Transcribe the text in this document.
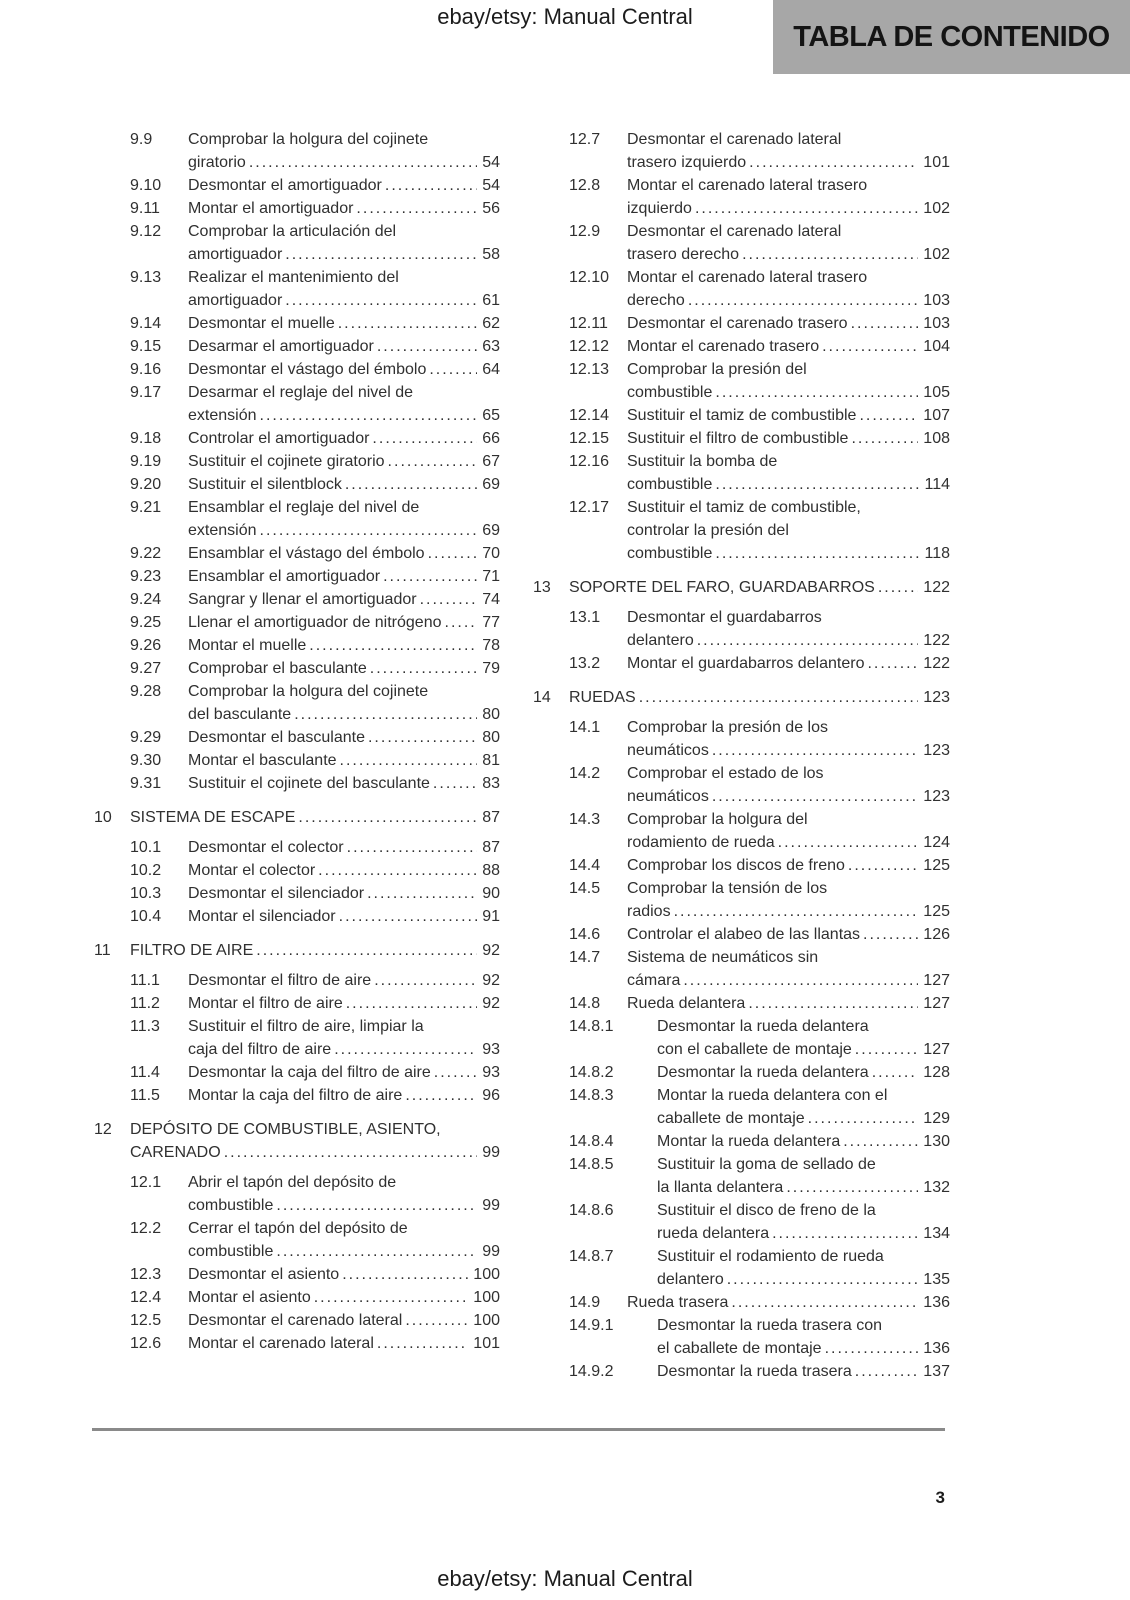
ebay/etsy: Manual Central
TABLA DE CONTENIDO
9.9 Comprobar la holgura del cojinete
giratorio .....	54
9.10 Desmontar el amortiguador .....	54
9.11 Montar el amortiguador .....	56
9.12 Comprobar la articulación del
amortiguador .....	58
9.13 Realizar el mantenimiento del
amortiguador .....	61
9.14 Desmontar el muelle .....	62
9.15 Desarmar el amortiguador .....	63
9.16 Desmontar el vástago del émbolo .....	64
9.17 Desarmar el reglaje del nivel de
extensión .....	65
9.18 Controlar el amortiguador .....	66
9.19 Sustituir el cojinete giratorio .....	67
9.20 Sustituir el silentblock .....	69
9.21 Ensamblar el reglaje del nivel de
extensión .....	69
9.22 Ensamblar el vástago del émbolo .....	70
9.23 Ensamblar el amortiguador .....	71
9.24 Sangrar y llenar el amortiguador .....	74
9.25 Llenar el amortiguador de nitrógeno .....	77
9.26 Montar el muelle .....	78
9.27 Comprobar el basculante .....	79
9.28 Comprobar la holgura del cojinete
del basculante .....	80
9.29 Desmontar el basculante .....	80
9.30 Montar el basculante .....	81
9.31 Sustituir el cojinete del basculante .....	83
10 SISTEMA DE ESCAPE .....	87
10.1 Desmontar el colector .....	87
10.2 Montar el colector .....	88
10.3 Desmontar el silenciador .....	90
10.4 Montar el silenciador .....	91
11 FILTRO DE AIRE .....	92
11.1 Desmontar el filtro de aire .....	92
11.2 Montar el filtro de aire .....	92
11.3 Sustituir el filtro de aire, limpiar la
caja del filtro de aire .....	93
11.4 Desmontar la caja del filtro de aire .....	93
11.5 Montar la caja del filtro de aire .....	96
12 DEPÓSITO DE COMBUSTIBLE, ASIENTO,
CARENADO .....	99
12.1 Abrir el tapón del depósito de
combustible .....	99
12.2 Cerrar el tapón del depósito de
combustible .....	99
12.3 Desmontar el asiento .....	100
12.4 Montar el asiento .....	100
12.5 Desmontar el carenado lateral .....	100
12.6 Montar el carenado lateral .....	101
12.7 Desmontar el carenado lateral
trasero izquierdo .....	101
12.8 Montar el carenado lateral trasero
izquierdo .....	102
12.9 Desmontar el carenado lateral
trasero derecho .....	102
12.10 Montar el carenado lateral trasero
derecho .....	103
12.11 Desmontar el carenado trasero .....	103
12.12 Montar el carenado trasero .....	104
12.13 Comprobar la presión del
combustible .....	105
12.14 Sustituir el tamiz de combustible .....	107
12.15 Sustituir el filtro de combustible .....	108
12.16 Sustituir la bomba de
combustible .....	114
12.17 Sustituir el tamiz de combustible,
controlar la presión del
combustible .....	118
13 SOPORTE DEL FARO, GUARDABARROS .....	122
13.1 Desmontar el guardabarros
delantero .....	122
13.2 Montar el guardabarros delantero .....	122
14 RUEDAS .....	123
14.1 Comprobar la presión de los
neumáticos .....	123
14.2 Comprobar el estado de los
neumáticos .....	123
14.3 Comprobar la holgura del
rodamiento de rueda .....	124
14.4 Comprobar los discos de freno .....	125
14.5 Comprobar la tensión de los
radios .....	125
14.6 Controlar el alabeo de las llantas .....	126
14.7 Sistema de neumáticos sin
cámara .....	127
14.8 Rueda delantera .....	127
14.8.1	Desmontar la rueda delantera
con el caballete de montaje .....	127
14.8.2	Desmontar la rueda delantera .....	128
14.8.3	Montar la rueda delantera con el
caballete de montaje .....	129
14.8.4	Montar la rueda delantera .....	130
14.8.5	Sustituir la goma de sellado de
la llanta delantera .....	132
14.8.6	Sustituir el disco de freno de la
rueda delantera .....	134
14.8.7	Sustituir el rodamiento de rueda
delantero .....	135
14.9 Rueda trasera .....	136
14.9.1	Desmontar la rueda trasera con
el caballete de montaje .....	136
14.9.2	Desmontar la rueda trasera .....	137
3
ebay/etsy: Manual Central
